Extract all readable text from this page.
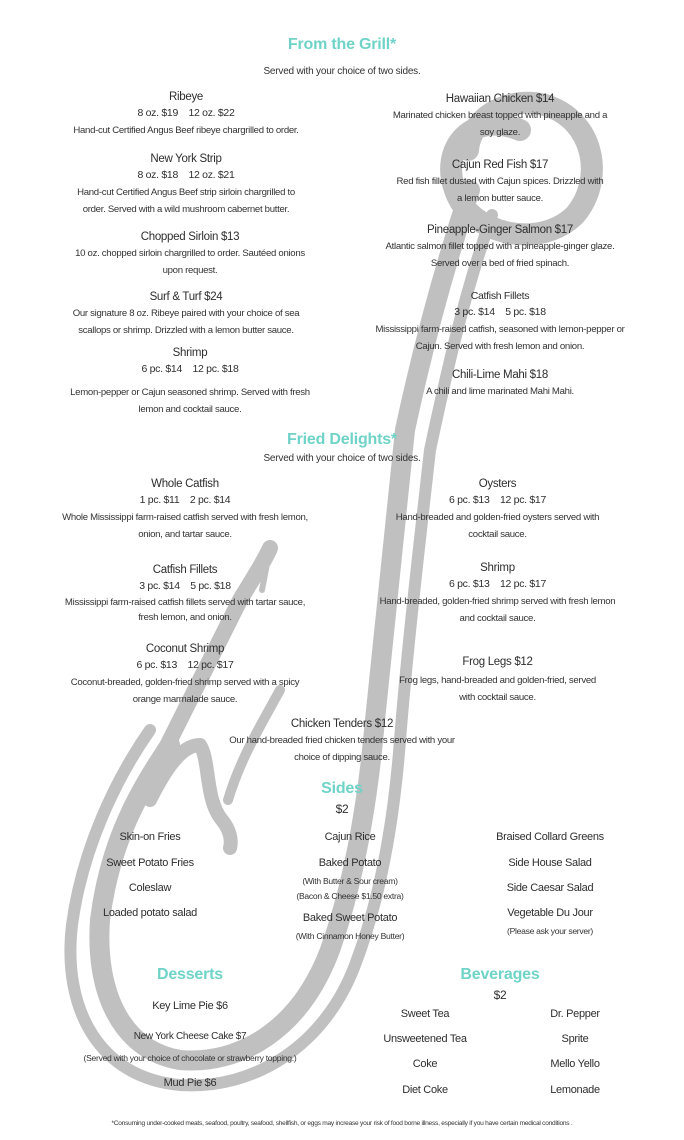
From the Grill*
Served with your choice of two sides.
Ribeye
8 oz. $19    12 oz. $22
Hand-cut Certified Angus Beef ribeye chargrilled to order.
New York Strip
8 oz. $18    12 oz. $21
Hand-cut Certified Angus Beef strip sirloin chargrilled to
order. Served with a wild mushroom cabernet butter.
Chopped Sirloin $13
10 oz. chopped sirloin chargrilled to order. Sautéed onions
upon request.
Surf & Turf $24
Our signature 8 oz. Ribeye paired with your choice of sea
scallops or shrimp. Drizzled with a lemon butter sauce.
Shrimp
6 pc. $14    12 pc. $18
Lemon-pepper or Cajun seasoned shrimp. Served with fresh
lemon and cocktail sauce.
Hawaiian Chicken $14
Marinated chicken breast topped with pineapple and a
soy glaze.
Cajun Red Fish $17
Red fish fillet dusted with Cajun spices. Drizzled with
a lemon butter sauce.
Pineapple-Ginger Salmon $17
Atlantic salmon fillet topped with a pineapple-ginger glaze.
Served over a bed of fried spinach.
Catfish Fillets
3 pc. $14    5 pc. $18
Mississippi farm-raised catfish, seasoned with lemon-pepper or
Cajun. Served with fresh lemon and onion.
Chili-Lime Mahi $18
A chili and lime marinated Mahi Mahi.
Fried Delights*
Served with your choice of two sides.
Whole Catfish
1 pc. $11    2 pc. $14
Whole Mississippi farm-raised catfish served with fresh lemon,
onion, and tartar sauce.
Catfish Fillets
3 pc. $14    5 pc. $18
Mississippi farm-raised catfish fillets served with tartar sauce,
fresh lemon, and onion.
Coconut Shrimp
6 pc. $13    12 pc. $17
Coconut-breaded, golden-fried shrimp served with a spicy
orange marmalade sauce.
Oysters
6 pc. $13    12 pc. $17
Hand-breaded and golden-fried oysters served with
cocktail sauce.
Shrimp
6 pc. $13    12 pc. $17
Hand-breaded, golden-fried shrimp served with fresh lemon
and cocktail sauce.
Frog Legs $12
Frog legs, hand-breaded and golden-fried, served
with cocktail sauce.
Chicken Tenders $12
Our hand-breaded fried chicken tenders served with your
choice of dipping sauce.
Sides
$2
Skin-on Fries
Sweet Potato Fries
Coleslaw
Loaded potato salad
Cajun Rice
Baked Potato
(With Butter & Sour cream)
(Bacon & Cheese $1.50 extra)
Baked Sweet Potato
(With Cinnamon Honey Butter)
Braised Collard Greens
Side House Salad
Side Caesar Salad
Vegetable Du Jour
(Please ask your server)
Desserts
Key Lime Pie $6
New York Cheese Cake $7
(Served with your choice of chocolate or strawberry topping.)
Mud Pie $6
Beverages
$2
Sweet Tea
Unsweetened Tea
Coke
Diet Coke
Dr. Pepper
Sprite
Mello Yello
Lemonade
*Consuming under-cooked meats, seafood, poultry, seafood, shellfish, or eggs may increase your risk of food borne illness, especially if you have certain medical conditions .
